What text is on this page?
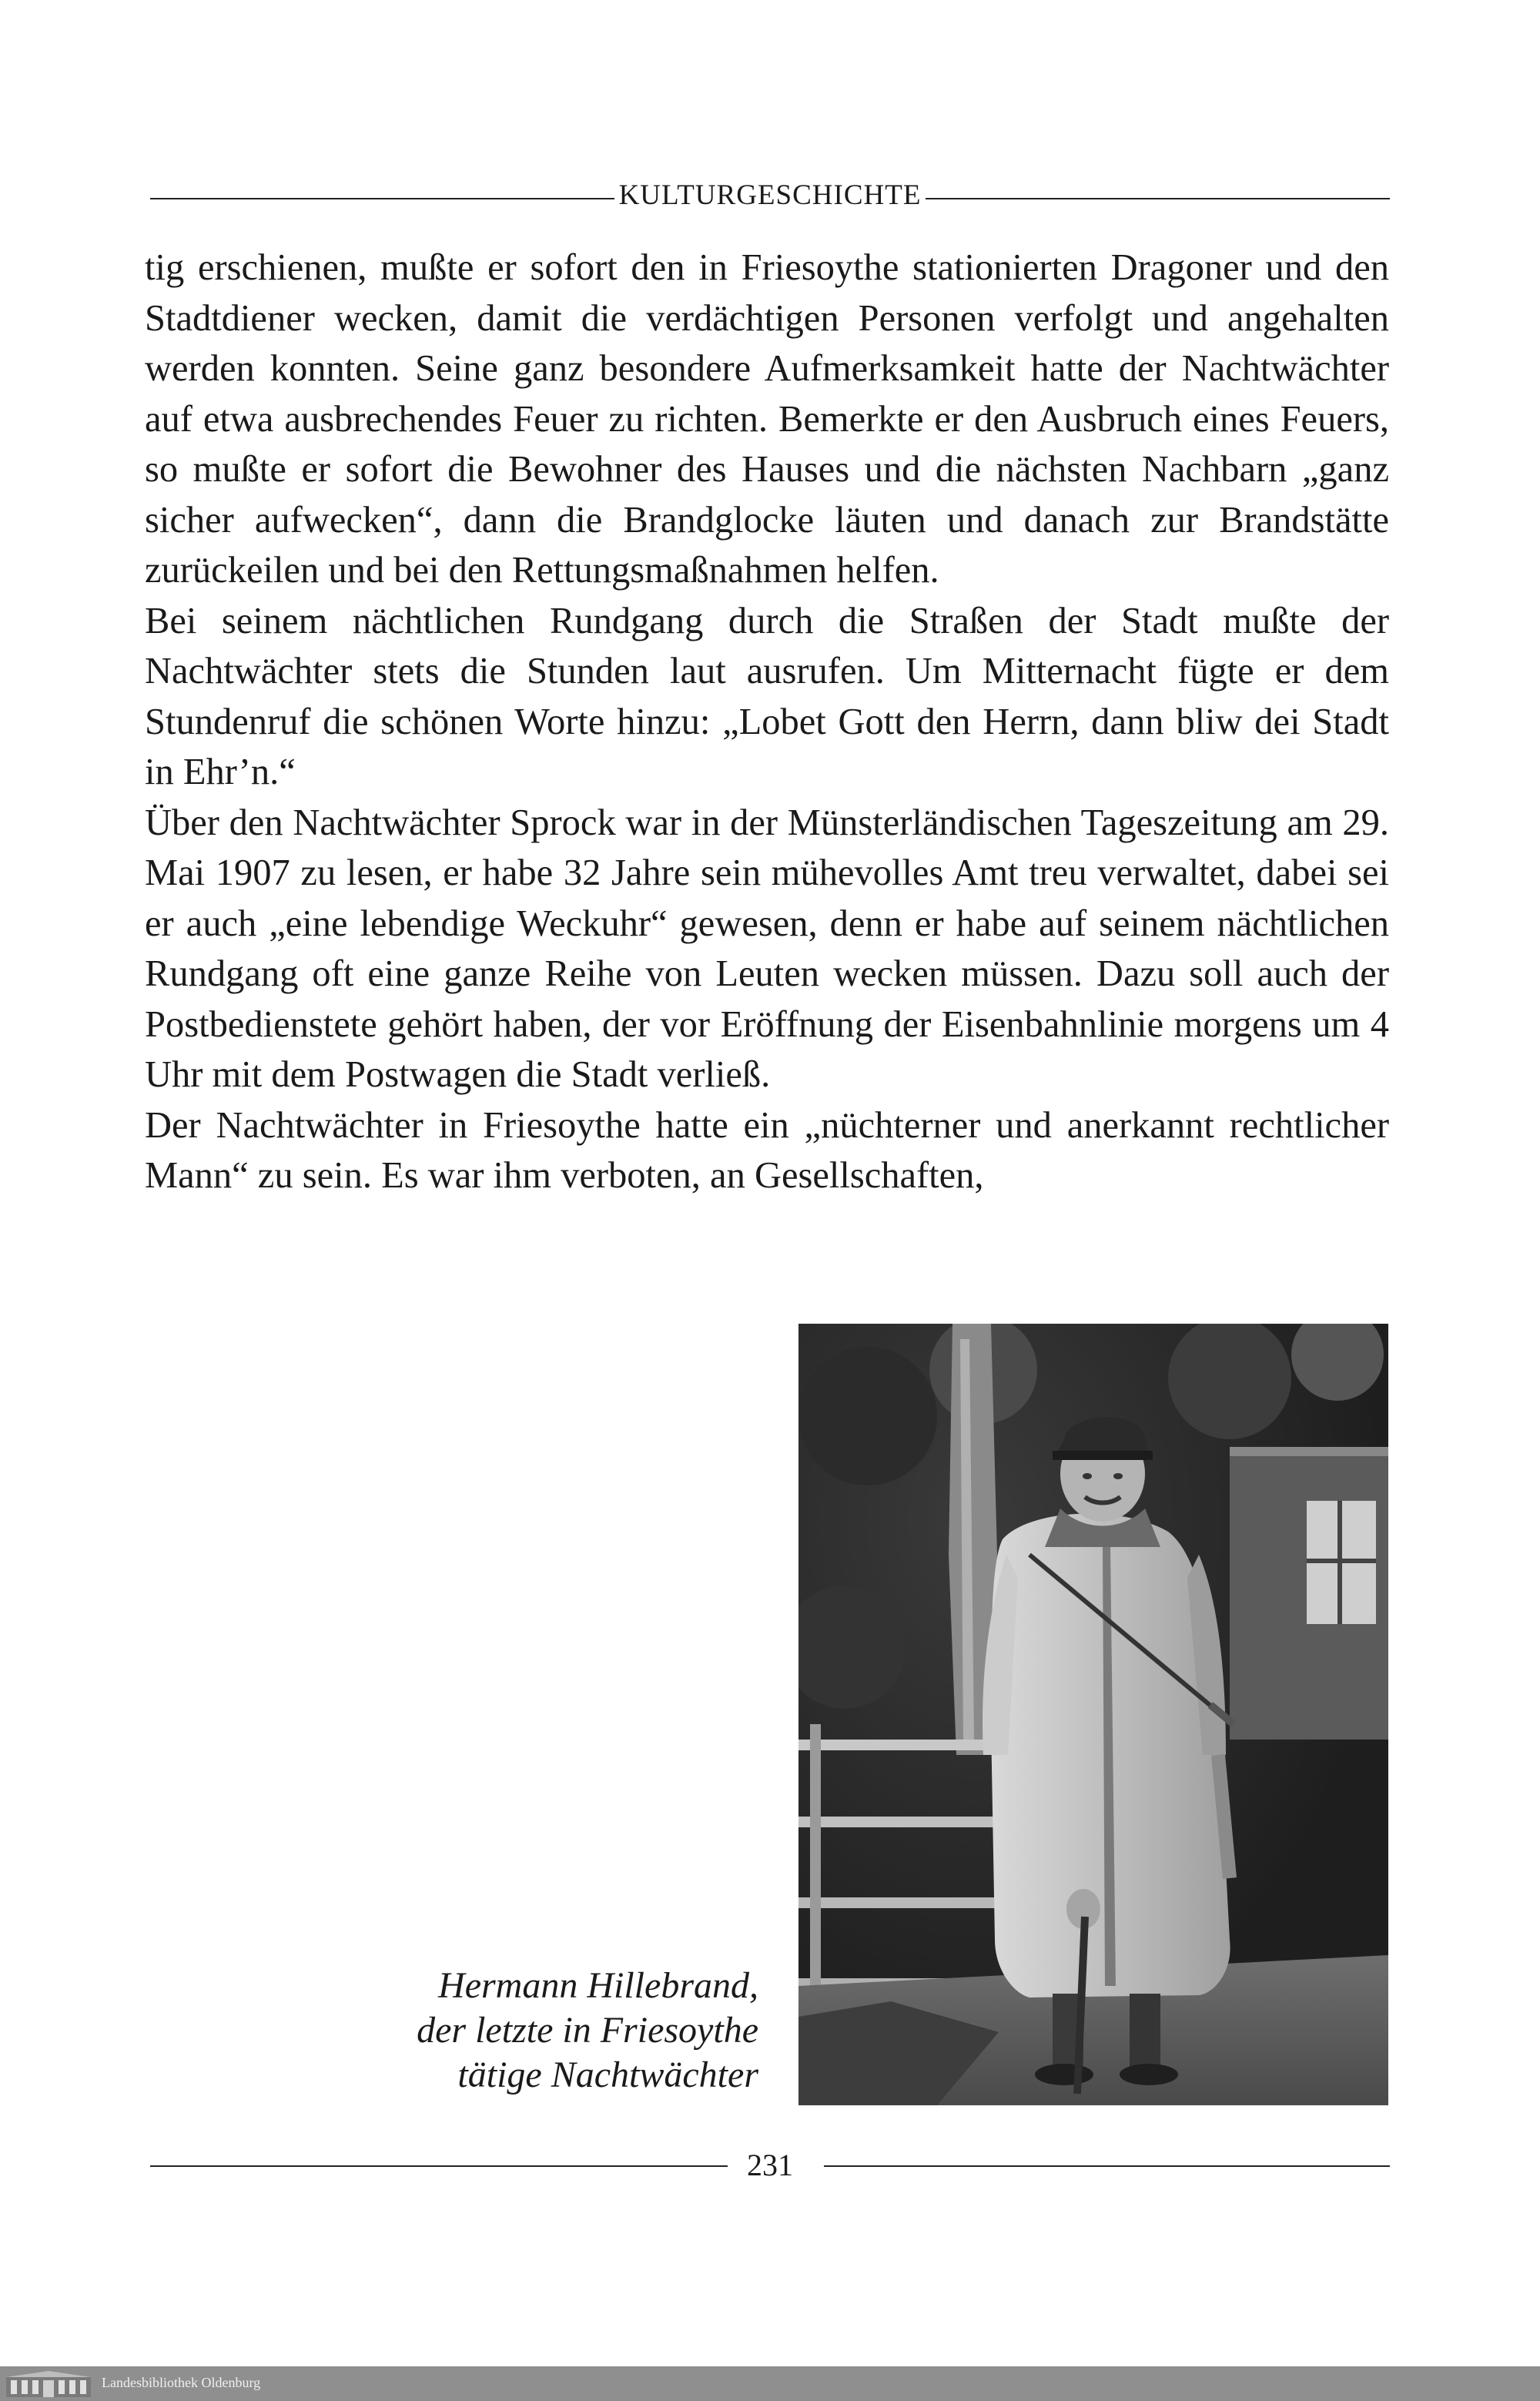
KULTURGESCHICHTE

tig erschienen, mußte er sofort den in Friesoythe stationierten Dragoner und den Stadtdiener wecken, damit die verdächtigen Personen verfolgt und angehalten werden konnten. Seine ganz besondere Aufmerksamkeit hatte der Nachtwächter auf etwa ausbrechendes Feuer zu richten. Bemerkte er den Ausbruch eines Feuers, so mußte er sofort die Bewohner des Hauses und die nächsten Nachbarn „ganz sicher aufwecken“, dann die Brandglocke läuten und danach zur Brandstätte zurückeilen und bei den Rettungsmaßnahmen helfen.

Bei seinem nächtlichen Rundgang durch die Straßen der Stadt mußte der Nachtwächter stets die Stunden laut ausrufen. Um Mitternacht fügte er dem Stundenruf die schönen Worte hinzu: „Lobet Gott den Herrn, dann bliw dei Stadt in Ehr’n.“

Über den Nachtwächter Sprock war in der Münsterländischen Tageszeitung am 29. Mai 1907 zu lesen, er habe 32 Jahre sein mühevolles Amt treu verwaltet, dabei sei er auch „eine lebendige Weckuhr“ gewesen, denn er habe auf seinem nächtlichen Rundgang oft eine ganze Reihe von Leuten wecken müssen. Dazu soll auch der Postbedienstete gehört haben, der vor Eröffnung der Eisenbahnlinie morgens um 4 Uhr mit dem Postwagen die Stadt verließ.

Der Nachtwächter in Friesoythe hatte ein „nüchterner und anerkannt rechtlicher Mann“ zu sein. Es war ihm verboten, an Gesellschaften,

Hermann Hillebrand,
der letzte in Friesoythe
tätige Nachtwächter
231
Landesbibliothek Oldenburg
